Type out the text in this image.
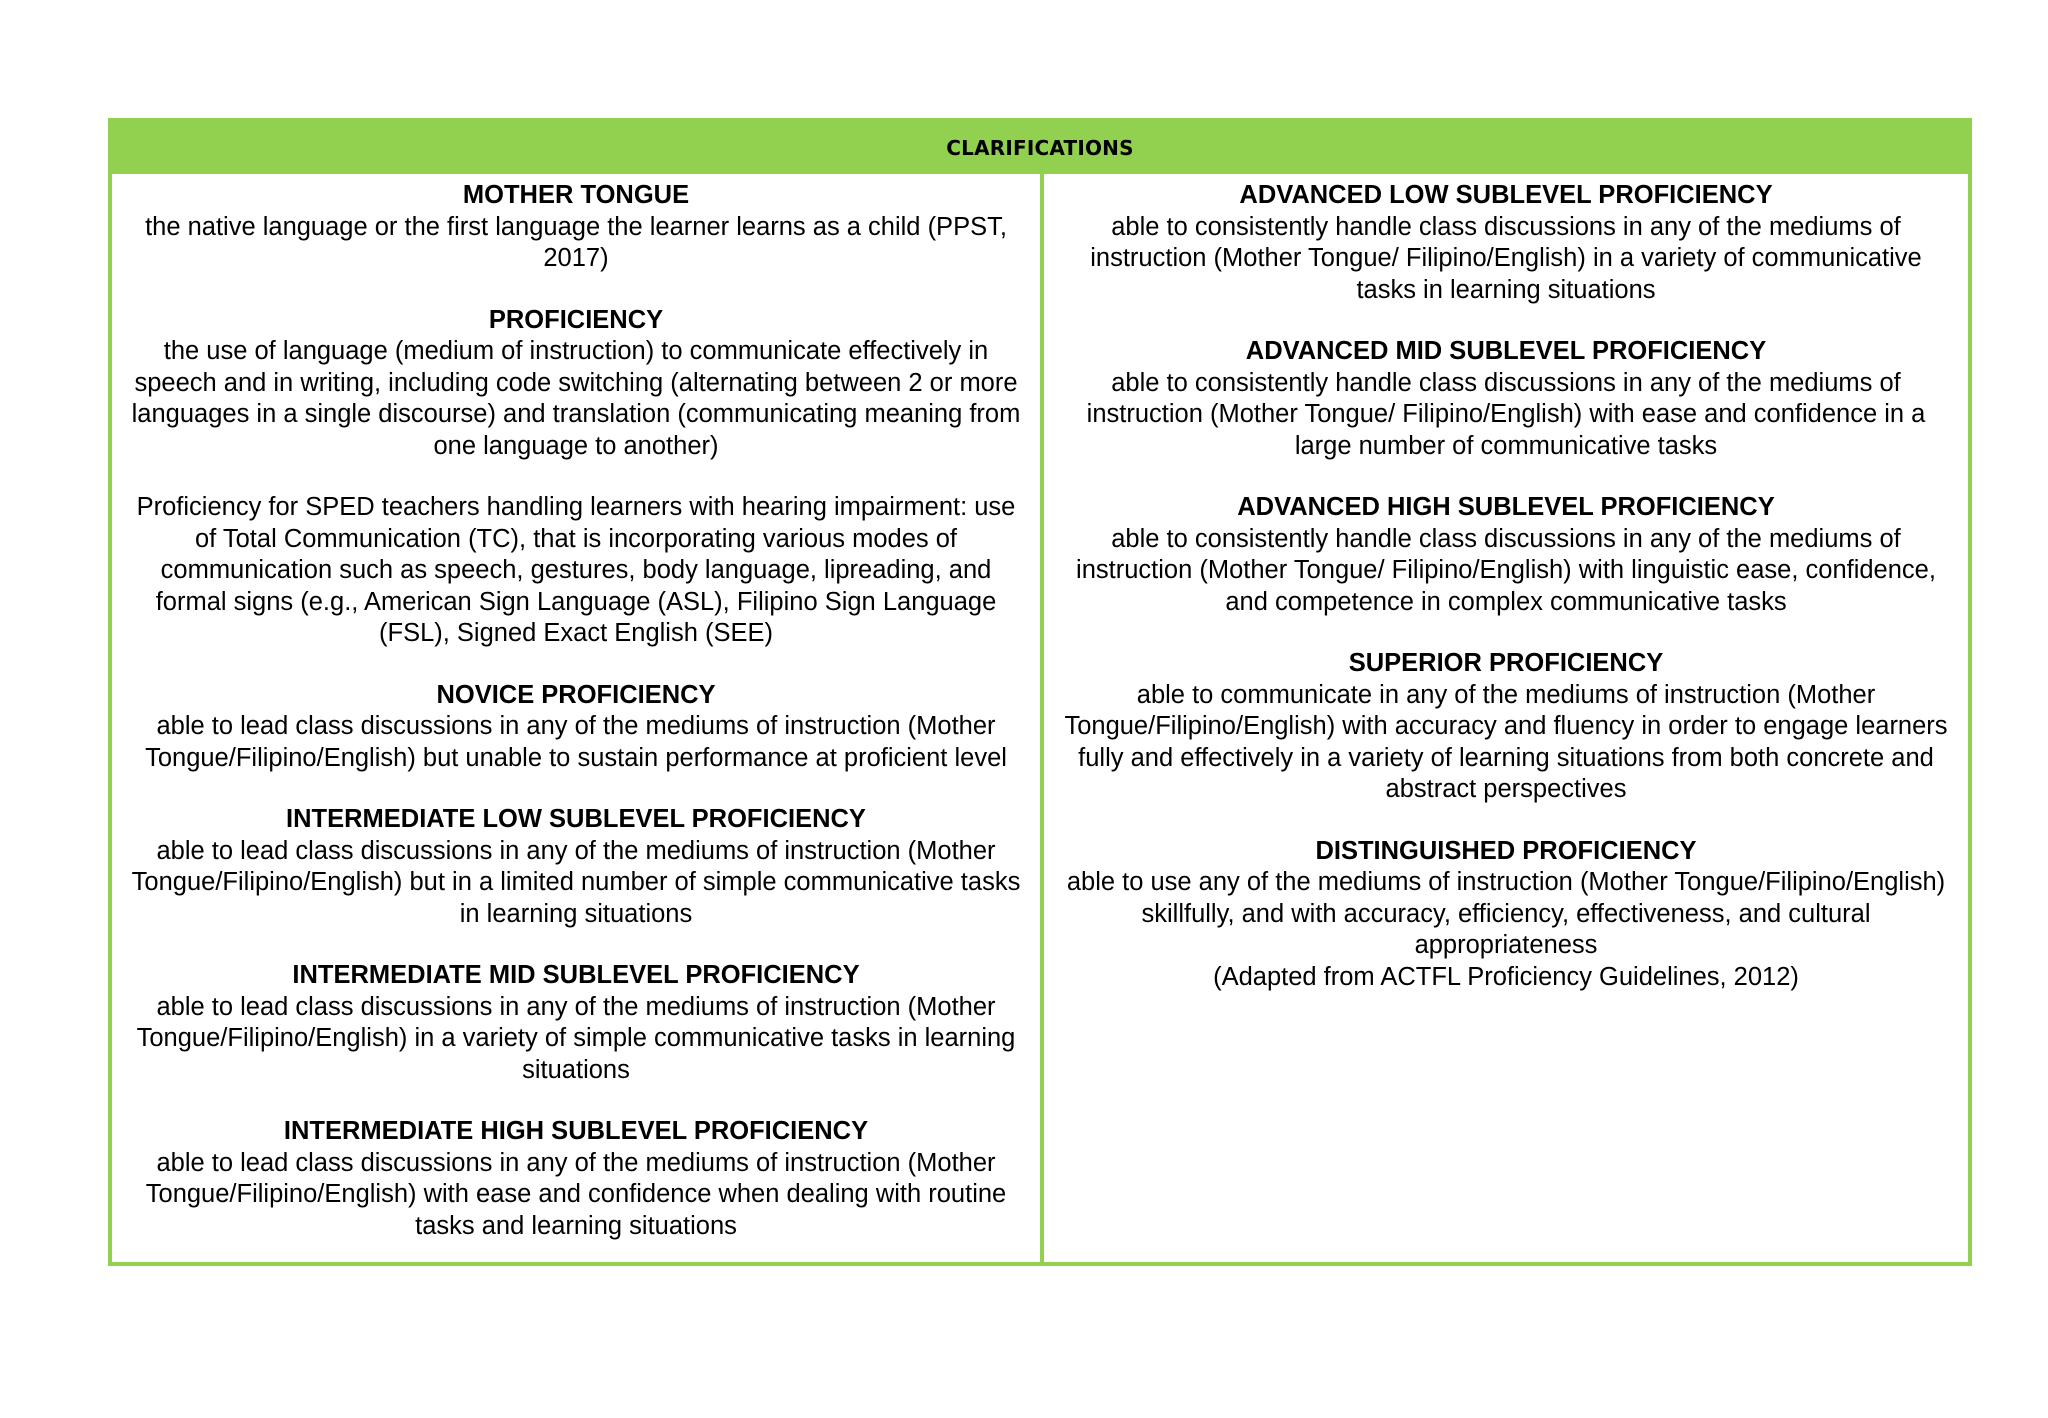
CLARIFICATIONS
MOTHER TONGUE
the native language or the first language the learner learns as a child (PPST, 2017)
PROFICIENCY
the use of language (medium of instruction) to communicate effectively in speech and in writing, including code switching (alternating between 2 or more languages in a single discourse) and translation (communicating meaning from one language to another)
Proficiency for SPED teachers handling learners with hearing impairment: use of Total Communication (TC), that is incorporating various modes of communication such as speech, gestures, body language, lipreading, and formal signs (e.g., American Sign Language (ASL), Filipino Sign Language (FSL), Signed Exact English (SEE)
NOVICE PROFICIENCY
able to lead class discussions in any of the mediums of instruction (Mother Tongue/Filipino/English) but unable to sustain performance at proficient level
INTERMEDIATE LOW SUBLEVEL PROFICIENCY
able to lead class discussions in any of the mediums of instruction (Mother Tongue/Filipino/English) but in a limited number of simple communicative tasks in learning situations
INTERMEDIATE MID SUBLEVEL PROFICIENCY
able to lead class discussions in any of the mediums of instruction (Mother Tongue/Filipino/English) in a variety of simple communicative tasks in learning situations
INTERMEDIATE HIGH SUBLEVEL PROFICIENCY
able to lead class discussions in any of the mediums of instruction (Mother Tongue/Filipino/English) with ease and confidence when dealing with routine tasks and learning situations
ADVANCED LOW SUBLEVEL PROFICIENCY
able to consistently handle class discussions in any of the mediums of instruction (Mother Tongue/ Filipino/English) in a variety of communicative tasks in learning situations
ADVANCED MID SUBLEVEL PROFICIENCY
able to consistently handle class discussions in any of the mediums of instruction (Mother Tongue/ Filipino/English) with ease and confidence in a large number of communicative tasks
ADVANCED HIGH SUBLEVEL PROFICIENCY
able to consistently handle class discussions in any of the mediums of instruction (Mother Tongue/ Filipino/English) with linguistic ease, confidence, and competence in complex communicative tasks
SUPERIOR PROFICIENCY
able to communicate in any of the mediums of instruction (Mother Tongue/Filipino/English) with accuracy and fluency in order to engage learners fully and effectively in a variety of learning situations from both concrete and abstract perspectives
DISTINGUISHED PROFICIENCY
able to use any of the mediums of instruction (Mother Tongue/Filipino/English) skillfully, and with accuracy, efficiency, effectiveness, and cultural appropriateness
(Adapted from ACTFL Proficiency Guidelines, 2012)
